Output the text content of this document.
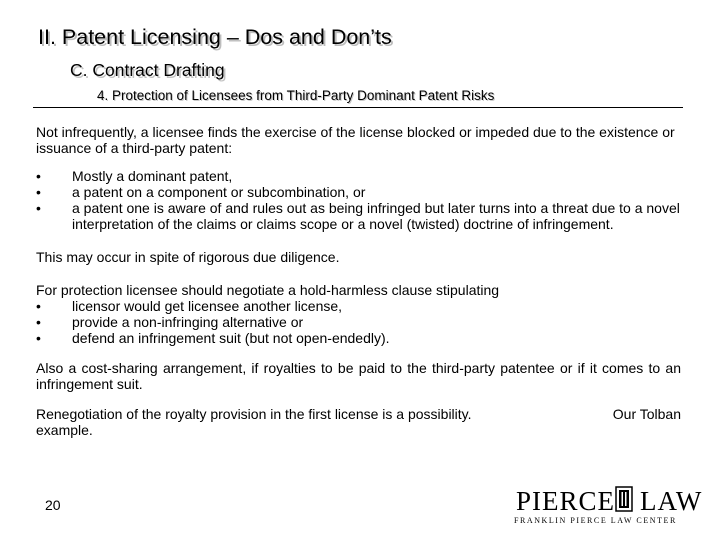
II. Patent Licensing – Dos and Don’ts
C. Contract Drafting
4. Protection of Licensees from Third-Party Dominant Patent Risks

Not infrequently, a licensee finds the exercise of the license blocked or impeded due to the existence or issuance of a third-party patent:

•	Mostly a dominant patent,
•	a patent on a component or subcombination, or
•	a patent one is aware of and rules out as being infringed but later turns into a threat due to a novel interpretation of the claims or claims scope or a novel (twisted) doctrine of infringement.

This may occur in spite of rigorous due diligence.

For protection licensee should negotiate a hold-harmless clause stipulating

•	licensor would get licensee another license,
•	provide a non-infringing alternative or
•	defend an infringement suit (but not open-endedly).

Also a cost-sharing arrangement, if royalties to be paid to the third-party patentee or if it comes to an infringement suit.

Renegotiation of the royalty provision in the first license is a possibility.	Our Tolban

example.

20	PIERCE LAW
FRANKLIN PIERCE LAW CENTER
